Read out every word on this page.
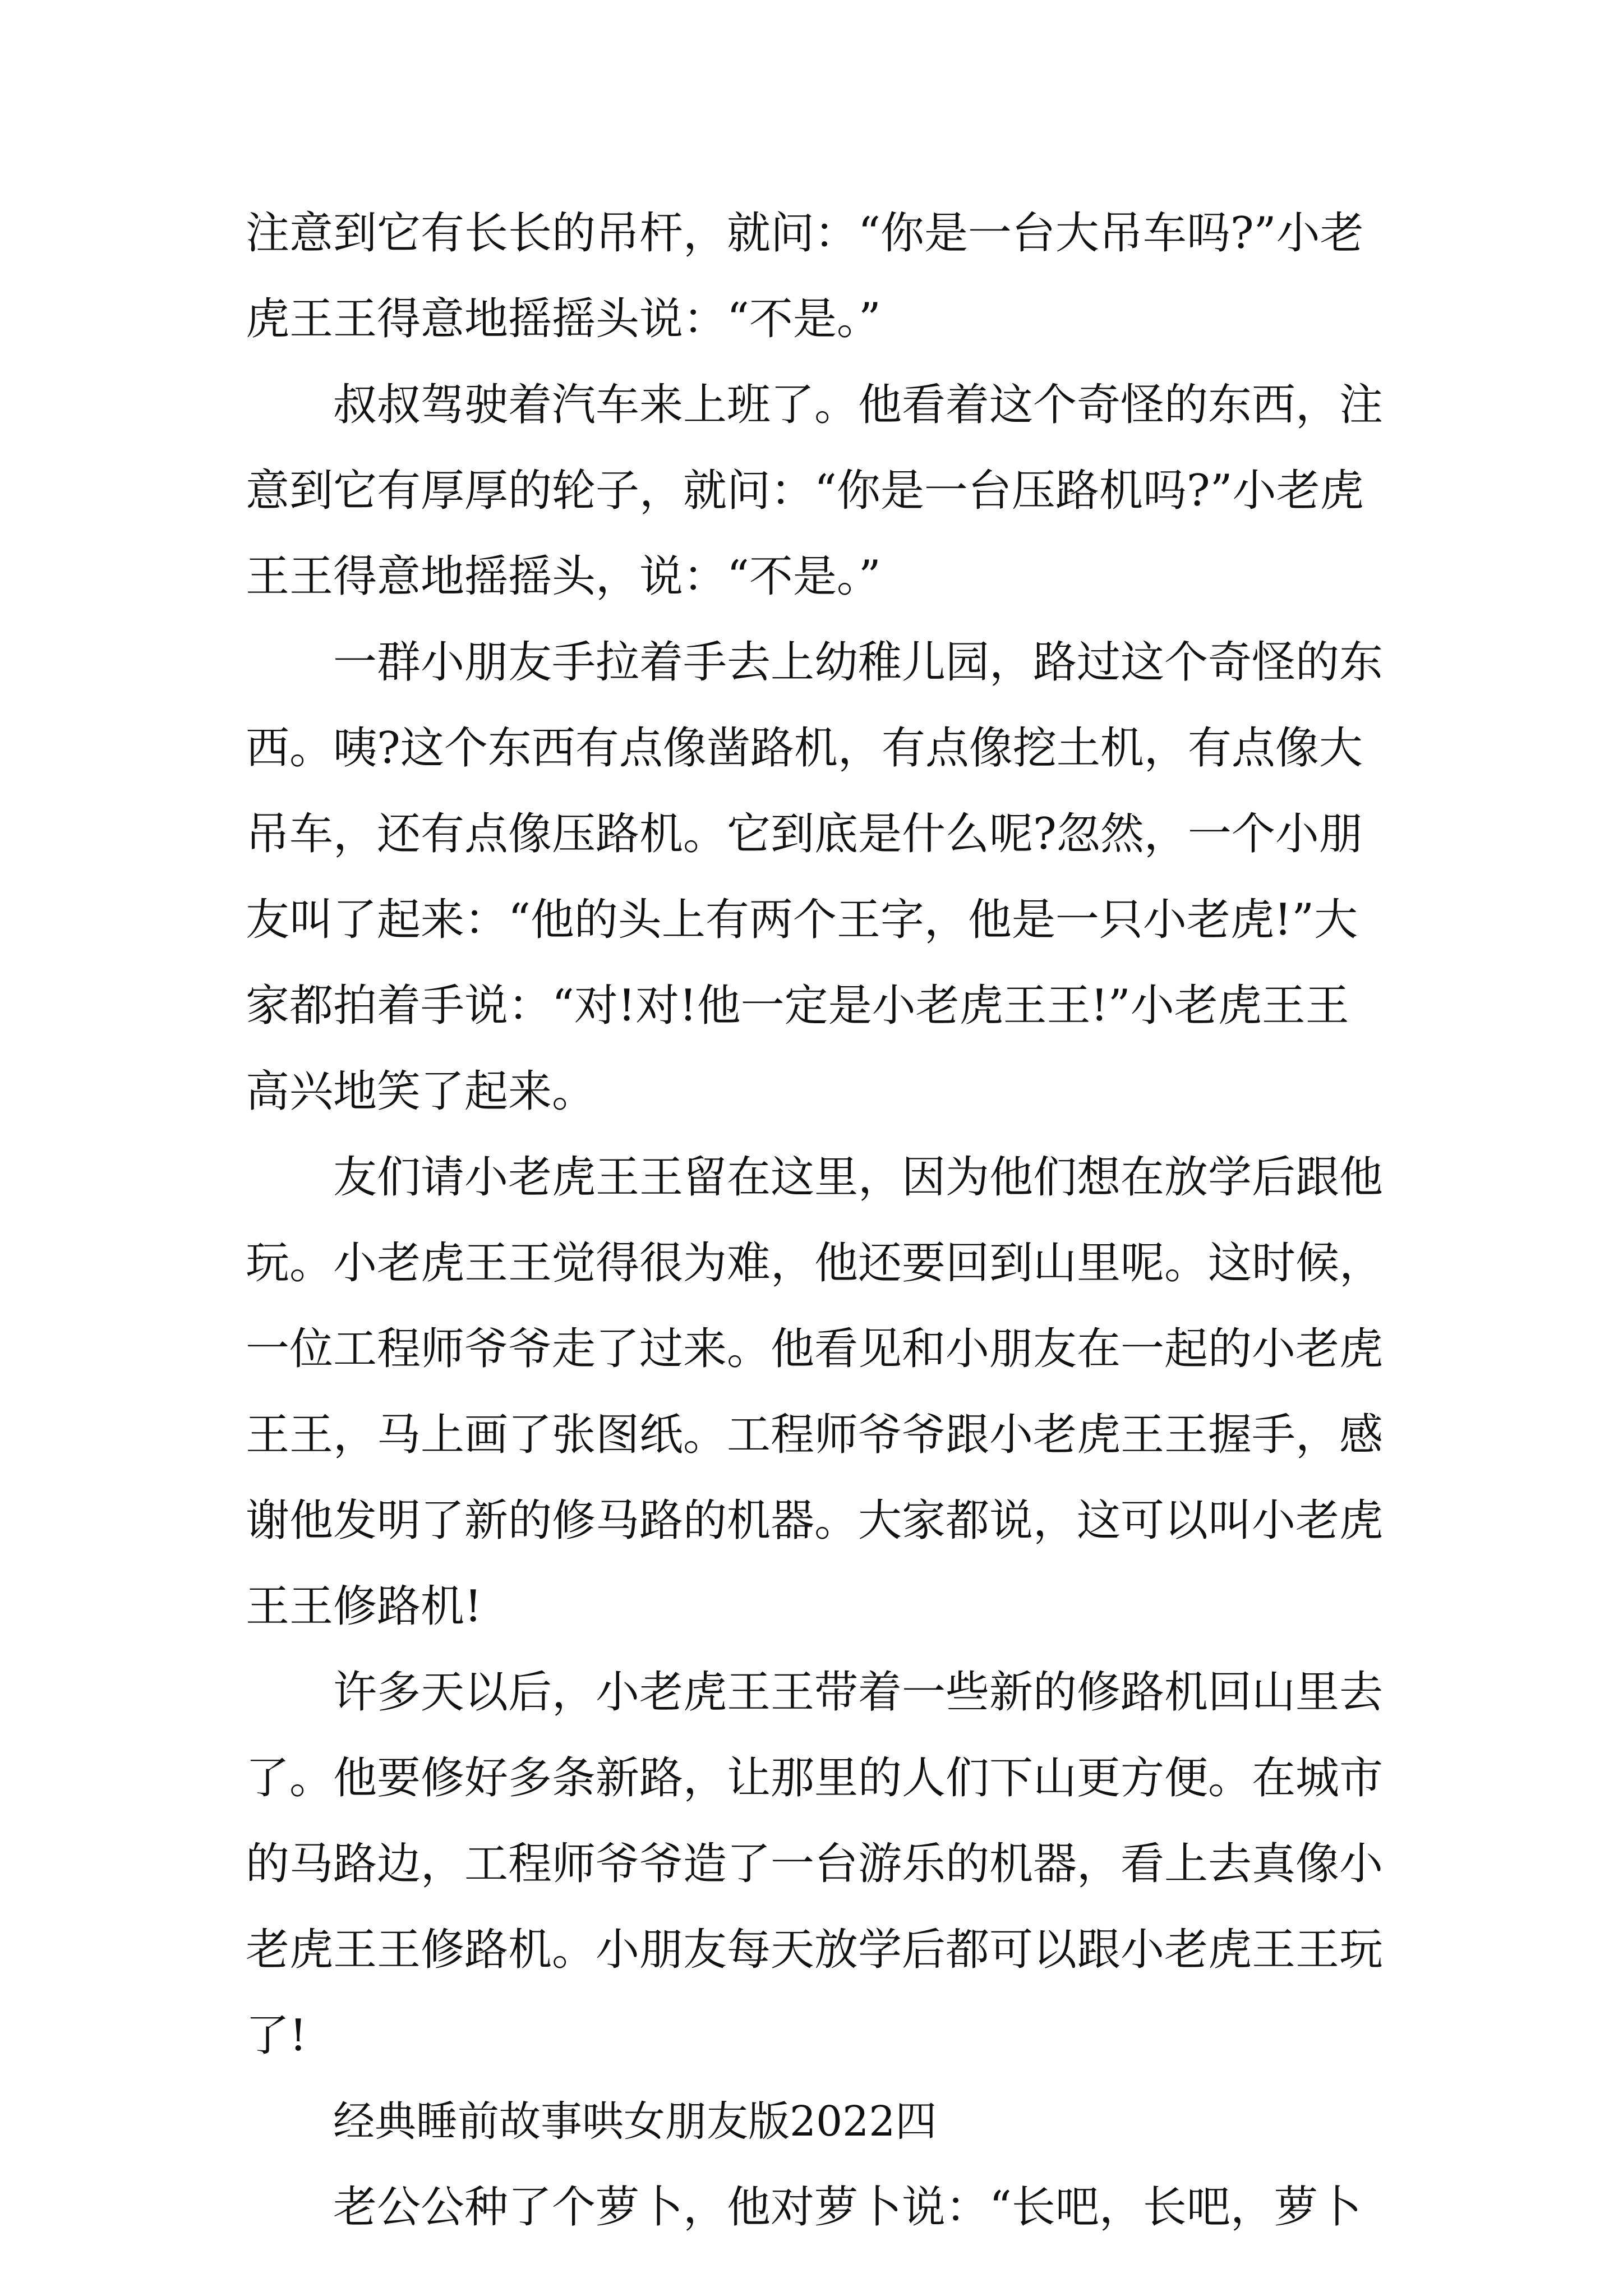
注意到它有长长的吊杆，就问：“你是一台大吊车吗?”小老
虎王王得意地摇摇头说：“不是。”
叔叔驾驶着汽车来上班了。他看着这个奇怪的东西，注
意到它有厚厚的轮子，就问：“你是一台压路机吗?”小老虎
王王得意地摇摇头，说：“不是。”
一群小朋友手拉着手去上幼稚儿园，路过这个奇怪的东
西。咦?这个东西有点像凿路机，有点像挖土机，有点像大
吊车，还有点像压路机。它到底是什么呢?忽然，一个小朋
友叫了起来：“他的头上有两个王字，他是一只小老虎!”大
家都拍着手说：“对!对!他一定是小老虎王王!”小老虎王王
高兴地笑了起来。
友们请小老虎王王留在这里，因为他们想在放学后跟他
玩。小老虎王王觉得很为难，他还要回到山里呢。这时候，
一位工程师爷爷走了过来。他看见和小朋友在一起的小老虎
王王，马上画了张图纸。工程师爷爷跟小老虎王王握手，感
谢他发明了新的修马路的机器。大家都说，这可以叫小老虎
王王修路机!
许多天以后，小老虎王王带着一些新的修路机回山里去
了。他要修好多条新路，让那里的人们下山更方便。在城市
的马路边，工程师爷爷造了一台游乐的机器，看上去真像小
老虎王王修路机。小朋友每天放学后都可以跟小老虎王王玩
了!
经典睡前故事哄女朋友版2022四
老公公种了个萝卜，他对萝卜说：“长吧，长吧，萝卜
